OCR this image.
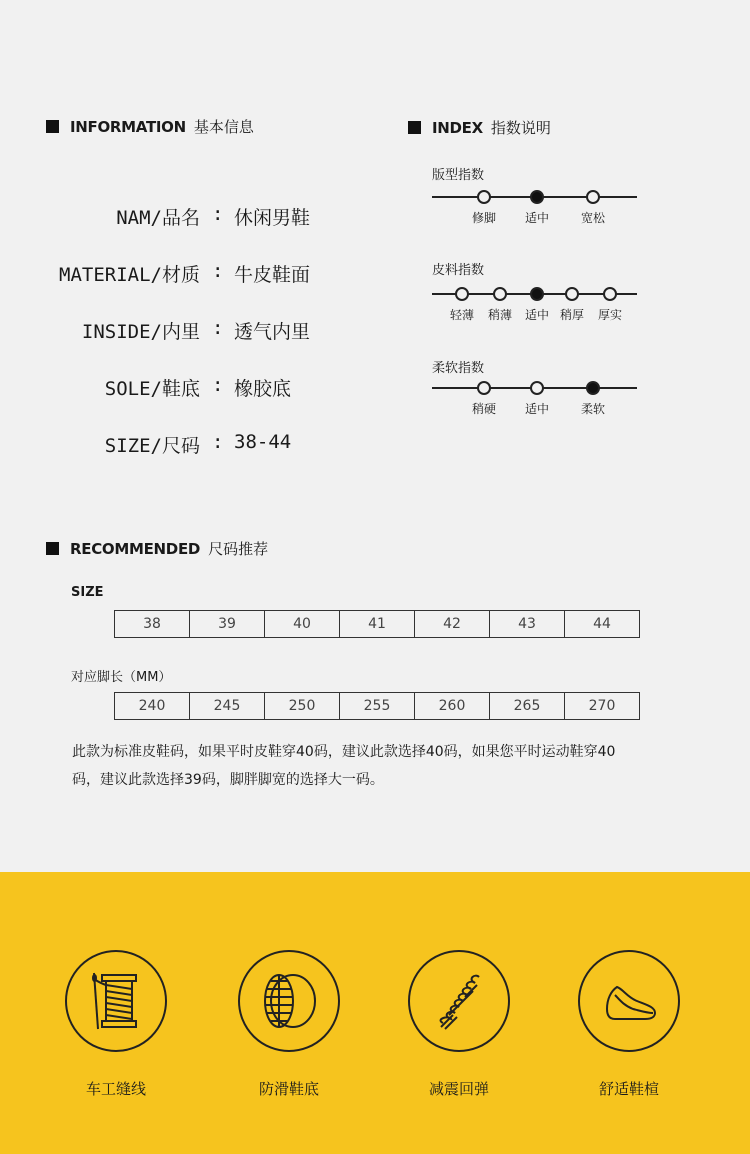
INFORMATION 基本信息
NAM/品名 : 休闲男鞋
MATERIAL/材质 : 牛皮鞋面
INSIDE/内里 : 透气内里
SOLE/鞋底 : 橡胶底
SIZE/尺码 : 38-44
INDEX 指数说明
版型指数
修脚	适中	宽松
皮料指数
轻薄	稍薄	适中 稍厚	厚实
柔软指数
稍硬	适中	柔软
RECOMMENDED 尺码推荐
SIZE
38	39	40	41	42	43	44
对应脚长（MM）
240	245	250	255	260	265	270
此款为标准皮鞋码，如果平时皮鞋穿40码，建议此款选择40码，如果您平时运动鞋穿40
码，建议此款选择39码，脚胖脚宽的选择大一码。
车工缝线	防滑鞋底	减震回弹	舒适鞋楦
